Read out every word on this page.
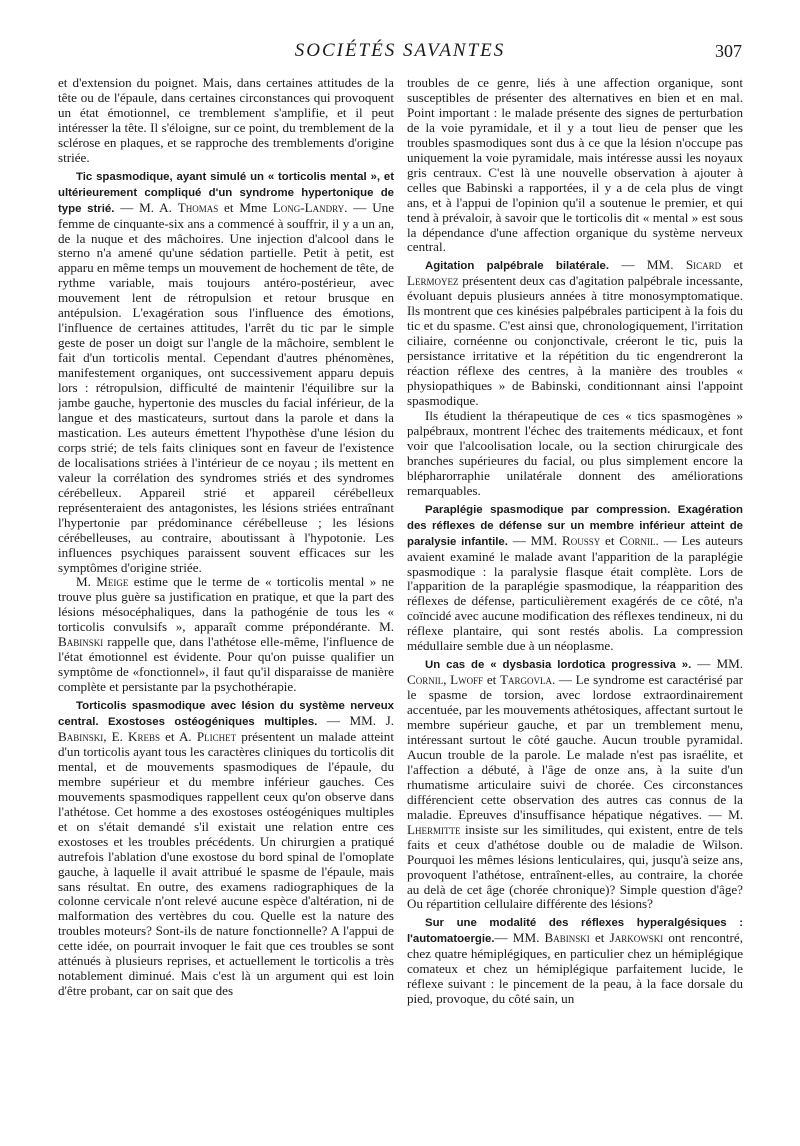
SOCIÉTÉS SAVANTES	307

et d'extension du poignet. Mais, dans certaines attitudes de la tête ou de l'épaule, dans certaines circonstances qui provoquent un état émotionnel, ce tremblement s'amplifie, et il peut intéresser la tête. Il s'éloigne, sur ce point, du tremblement de la sclérose en plaques, et se rapproche des tremblements d'origine striée.

Tic spasmodique, ayant simulé un « torticolis mental », et ultérieurement compliqué d'un syndrome hypertonique de type strié. — M. A. Thomas et Mme Long-Landry. — Une femme de cinquante-six ans a commencé à souffrir, il y a un an, de la nuque et des mâchoires. Une injection d'alcool dans le sterno n'a amené qu'une sédation partielle. Petit à petit, est apparu en même temps un mouvement de hochement de tête, de rythme variable, mais toujours antéro-postérieur, avec mouvement lent de rétropulsion et retour brusque en antépulsion. L'exagération sous l'influence des émotions, l'influence de certaines attitudes, l'arrêt du tic par le simple geste de poser un doigt sur l'angle de la mâchoire, semblent le fait d'un torticolis mental. Cependant d'autres phénomènes, manifestement organiques, ont successivement apparu depuis lors : rétropulsion, difficulté de maintenir l'équilibre sur la jambe gauche, hypertonie des muscles du facial inférieur, de la langue et des masticateurs, surtout dans la parole et dans la mastication. Les auteurs émettent l'hypothèse d'une lésion du corps strié; de tels faits cliniques sont en faveur de l'existence de localisations striées à l'intérieur de ce noyau ; ils mettent en valeur la corrélation des syndromes striés et des syndromes cérébelleux. Appareil strié et appareil cérébelleux représenteraient des antagonistes, les lésions striées entraînant l'hypertonie par prédominance cérébelleuse ; les lésions cérébelleuses, au contraire, aboutissant à l'hypotonie. Les influences psychiques paraissent souvent efficaces sur les symptômes d'origine striée.

M. Meige estime que le terme de « torticolis mental » ne trouve plus guère sa justification en pratique, et que la part des lésions mésocéphaliques, dans la pathogénie de tous les « torticolis convulsifs », apparaît comme prépondérante. M. Babinski rappelle que, dans l'athétose elle-même, l'influence de l'état émotionnel est évidente. Pour qu'on puisse qualifier un symptôme de «fonctionnel», il faut qu'il disparaisse de manière complète et persistante par la psychothérapie.

Torticolis spasmodique avec lésion du système nerveux central. Exostoses ostéogéniques multiples. — MM. J. Babinski, E. Krebs et A. Plichet présentent un malade atteint d'un torticolis ayant tous les caractères cliniques du torticolis dit mental, et de mouvements spasmodiques de l'épaule, du membre supérieur et du membre inférieur gauches. Ces mouvements spasmodiques rappellent ceux qu'on observe dans l'athétose. Cet homme a des exostoses ostéogéniques multiples et on s'était demandé s'il existait une relation entre ces exostoses et les troubles précédents. Un chirurgien a pratiqué autrefois l'ablation d'une exostose du bord spinal de l'omoplate gauche, à laquelle il avait attribué le spasme de l'épaule, mais sans résultat. En outre, des examens radiographiques de la colonne cervicale n'ont relevé aucune espèce d'altération, ni de malformation des vertèbres du cou. Quelle est la nature des troubles moteurs? Sont-ils de nature fonctionnelle? A l'appui de cette idée, on pourrait invoquer le fait que ces troubles se sont atténués à plusieurs reprises, et actuellement le torticolis a très notablement diminué. Mais c'est là un argument qui est loin d'être probant, car on sait que des

troubles de ce genre, liés à une affection organique, sont susceptibles de présenter des alternatives en bien et en mal. Point important : le malade présente des signes de perturbation de la voie pyramidale, et il y a tout lieu de penser que les troubles spasmodiques sont dus à ce que la lésion n'occupe pas uniquement la voie pyramidale, mais intéresse aussi les noyaux gris centraux. C'est là une nouvelle observation à ajouter à celles que Babinski a rapportées, il y a de cela plus de vingt ans, et à l'appui de l'opinion qu'il a soutenue le premier, et qui tend à prévaloir, à savoir que le torticolis dit « mental » est sous la dépendance d'une affection organique du système nerveux central.

Agitation palpébrale bilatérale. — MM. Sicard et Lermoyez présentent deux cas d'agitation palpébrale incessante, évoluant depuis plusieurs années à titre monosymptomatique. Ils montrent que ces kinésies palpébrales participent à la fois du tic et du spasme. C'est ainsi que, chronologiquement, l'irritation ciliaire, cornéenne ou conjonctivale, créeront le tic, puis la persistance irritative et la répétition du tic engendreront la réaction réflexe des centres, à la manière des troubles « physiopathiques » de Babinski, conditionnant ainsi l'appoint spasmodique.

Ils étudient la thérapeutique de ces « tics spasmogènes » palpébraux, montrent l'échec des traitements médicaux, et font voir que l'alcoolisation locale, ou la section chirurgicale des branches supérieures du facial, ou plus simplement encore la blépharorraphie unilatérale donnent des améliorations remarquables.

Paraplégie spasmodique par compression. Exagération des réflexes de défense sur un membre inférieur atteint de paralysie infantile. — MM. Roussy et Cornil. — Les auteurs avaient examiné le malade avant l'apparition de la paraplégie spasmodique : la paralysie flasque était complète. Lors de l'apparition de la paraplégie spasmodique, la réapparition des réflexes de défense, particulièrement exagérés de ce côté, n'a coïncidé avec aucune modification des réflexes tendineux, ni du réflexe plantaire, qui sont restés abolis. La compression médullaire semble due à un néoplasme.

Un cas de « dysbasia lordotica progressiva ». — MM. Cornil, Lwoff et Targovla. — Le syndrome est caractérisé par le spasme de torsion, avec lordose extraordinairement accentuée, par les mouvements athétosiques, affectant surtout le membre supérieur gauche, et par un tremblement menu, intéressant surtout le côté gauche. Aucun trouble pyramidal. Aucun trouble de la parole. Le malade n'est pas israélite, et l'affection a débuté, à l'âge de onze ans, à la suite d'un rhumatisme articulaire suivi de chorée. Ces circonstances différencient cette observation des autres cas connus de la maladie. Epreuves d'insuffisance hépatique négatives. — M. Lhermitte insiste sur les similitudes, qui existent, entre de tels faits et ceux d'athétose double ou de maladie de Wilson. Pourquoi les mêmes lésions lenticulaires, qui, jusqu'à seize ans, provoquent l'athétose, entraînent-elles, au contraire, la chorée au delà de cet âge (chorée chronique)? Simple question d'âge? Ou répartition cellulaire différente des lésions?

Sur une modalité des réflexes hyperalgésiques : l'automatoergie.— MM. Babinski et Jarkowski ont rencontré, chez quatre hémiplégiques, en particulier chez un hémiplégique comateux et chez un hémiplégique parfaitement lucide, le réflexe suivant : le pincement de la peau, à la face dorsale du pied, provoque, du côté sain, un
